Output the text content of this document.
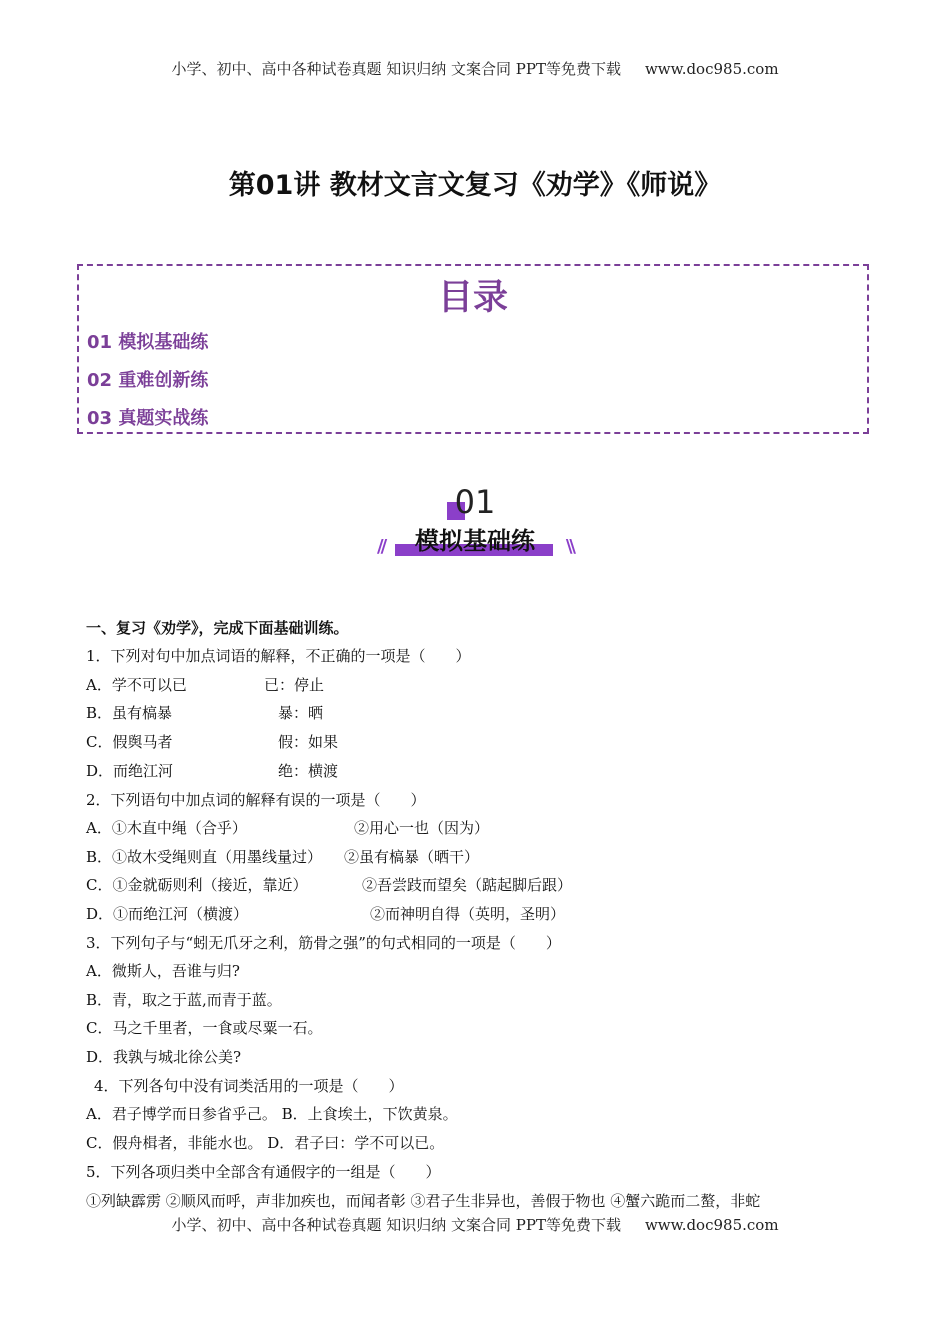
小学、初中、高中各种试卷真题 知识归纳 文案合同 PPT等免费下载 www.doc985.com
第01讲 教材文言文复习《劝学》《师说》
目录
01 模拟基础练
02 重难创新练
03 真题实战练
01
模拟基础练
//	\\
一、复习《劝学》，完成下面基础训练。
1．下列对句中加点词语的解释，不正确的一项是（　　）
A．学不可以已	已：停止
B．虽有槁暴	暴：晒
C．假舆马者	假：如果
D．而绝江河	绝：横渡
2．下列语句中加点词的解释有误的一项是（　　）
A．①木直中绳（合乎）	②用心一也（因为）
B．①故木受绳则直（用墨线量过） ②虽有槁暴（晒干）
C．①金就砺则利（接近，靠近）	②吾尝跂而望矣（踮起脚后跟）
D．①而绝江河（横渡）	②而神明自得（英明，圣明）
3．下列句子与“蚓无爪牙之利，筋骨之强”的句式相同的一项是（　　）
A．微斯人，吾谁与归?
B．青，取之于蓝,而青于蓝。
C．马之千里者，一食或尽粟一石。
D．我孰与城北徐公美?
4．下列各句中没有词类活用的一项是（　　）
A．君子博学而日参省乎己。 B．上食埃土，下饮黄泉。
C．假舟楫者，非能水也。 D．君子曰：学不可以已。
5．下列各项归类中全部含有通假字的一组是（　　）
①列缺霹雳 ②顺风而呼，声非加疾也，而闻者彰 ③君子生非异也，善假于物也 ④蟹六跪而二螯，非蛇
小学、初中、高中各种试卷真题 知识归纳 文案合同 PPT等免费下载 www.doc985.com
